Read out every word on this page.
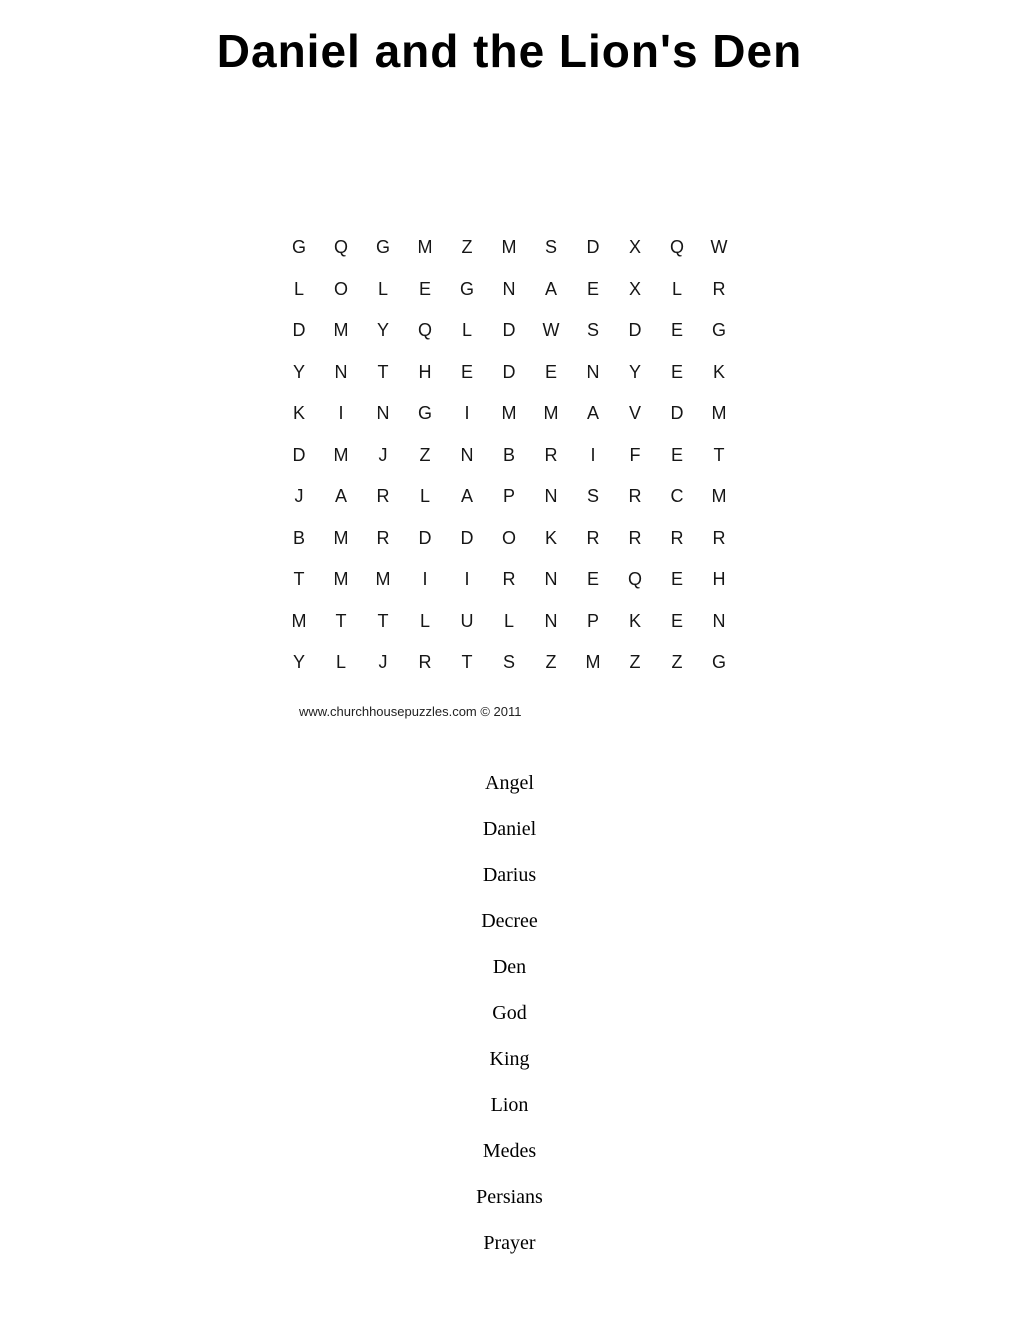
Daniel and the Lion's Den
G	Q	G	M	Z	M	S	D	X	Q	W
L	O	L	E	G	N	A	E	X	L	R
D	M	Y	Q	L	D	W	S	D	E	G
Y	N	T	H	E	D	E	N	Y	E	K
K	I	N	G	I	M	M	A	V	D	M
D	M	J	Z	N	B	R	I	F	E	T
J	A	R	L	A	P	N	S	R	C	M
B	M	R	D	D	O	K	R	R	R	R
T	M	M	I	I	R	N	E	Q	E	H
M	T	T	L	U	L	N	P	K	E	N
Y	L	J	R	T	S	Z	M	Z	Z	G
www.churchhousepuzzles.com © 2011
Angel
Daniel
Darius
Decree
Den
God
King
Lion
Medes
Persians
Prayer
